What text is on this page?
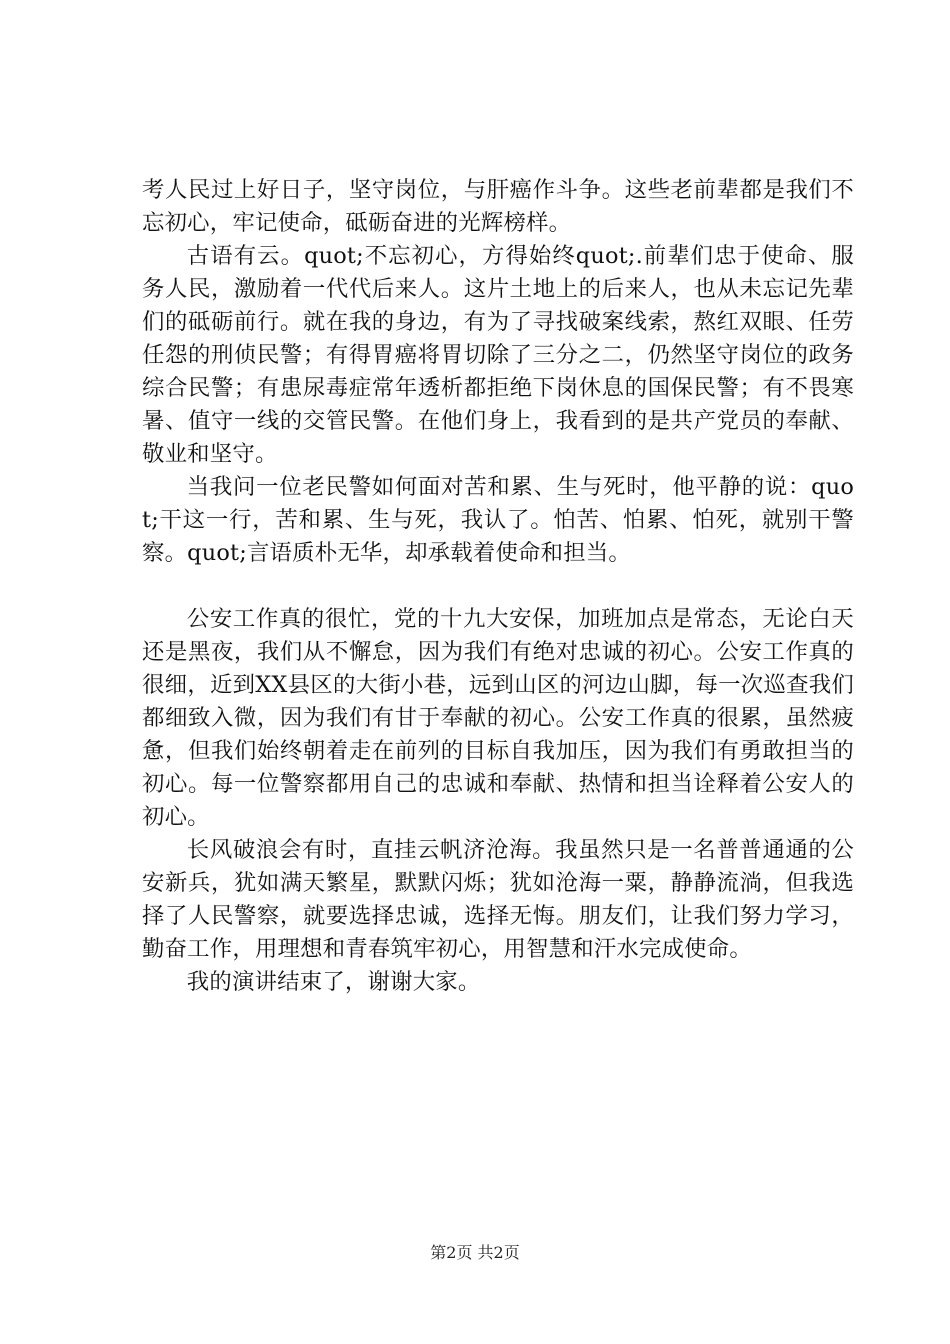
考人民过上好日子，坚守岗位，与肝癌作斗争。这些老前辈都是我们不忘初心，牢记使命，砥砺奋进的光辉榜样。

古语有云。quot;不忘初心，方得始终quot;.前辈们忠于使命、服务人民，激励着一代代后来人。这片土地上的后来人，也从未忘记先辈们的砥砺前行。就在我的身边，有为了寻找破案线索，熬红双眼、任劳任怨的刑侦民警；有得胃癌将胃切除了三分之二，仍然坚守岗位的政务综合民警；有患尿毒症常年透析都拒绝下岗休息的国保民警；有不畏寒暑、值守一线的交管民警。在他们身上，我看到的是共产党员的奉献、敬业和坚守。

当我问一位老民警如何面对苦和累、生与死时，他平静的说：quot;干这一行，苦和累、生与死，我认了。怕苦、怕累、怕死，就别干警察。quot;言语质朴无华，却承载着使命和担当。

公安工作真的很忙，党的十九大安保，加班加点是常态，无论白天还是黑夜，我们从不懈怠，因为我们有绝对忠诚的初心。公安工作真的很细，近到XX县区的大街小巷，远到山区的河边山脚，每一次巡查我们都细致入微，因为我们有甘于奉献的初心。公安工作真的很累，虽然疲惫，但我们始终朝着走在前列的目标自我加压，因为我们有勇敢担当的初心。每一位警察都用自己的忠诚和奉献、热情和担当诠释着公安人的初心。

长风破浪会有时，直挂云帆济沧海。我虽然只是一名普普通通的公安新兵，犹如满天繁星，默默闪烁；犹如沧海一粟，静静流淌，但我选择了人民警察，就要选择忠诚，选择无悔。朋友们，让我们努力学习，勤奋工作，用理想和青春筑牢初心，用智慧和汗水完成使命。

我的演讲结束了，谢谢大家。

第2页 共2页
